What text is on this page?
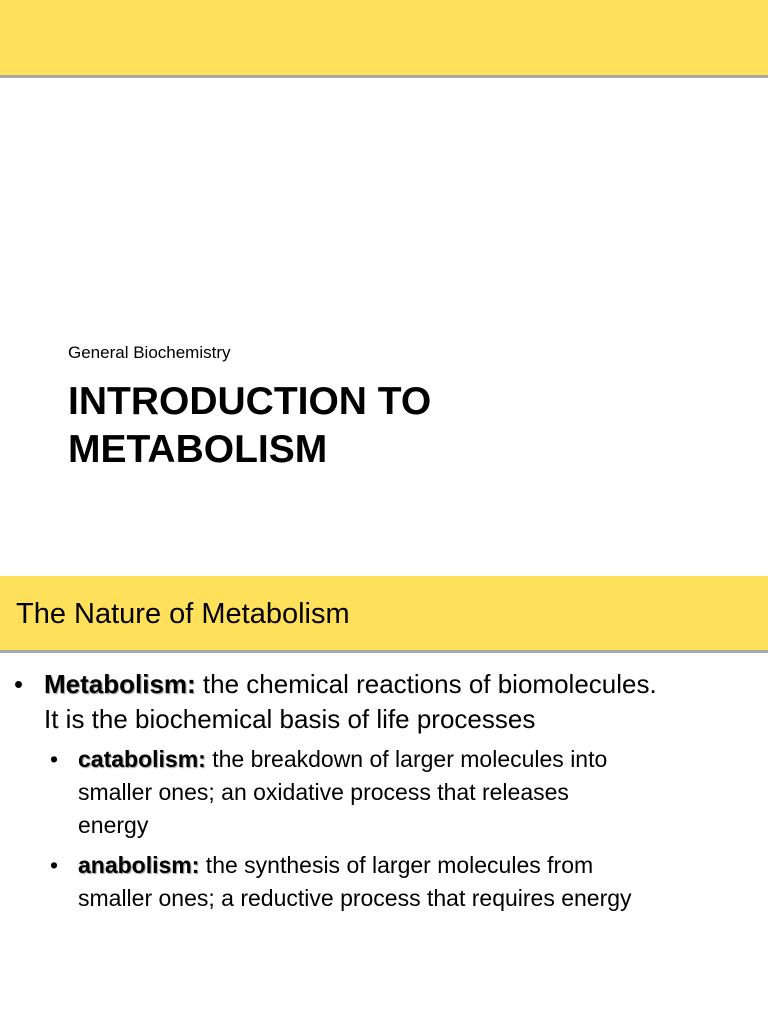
General Biochemistry
INTRODUCTION TO
METABOLISM
The Nature of Metabolism
• Metabolism: the chemical reactions of biomolecules.
It is the biochemical basis of life processes
• catabolism: the breakdown of larger molecules into
smaller ones; an oxidative process that releases
energy
• anabolism: the synthesis of larger molecules from
smaller ones; a reductive process that requires energy
